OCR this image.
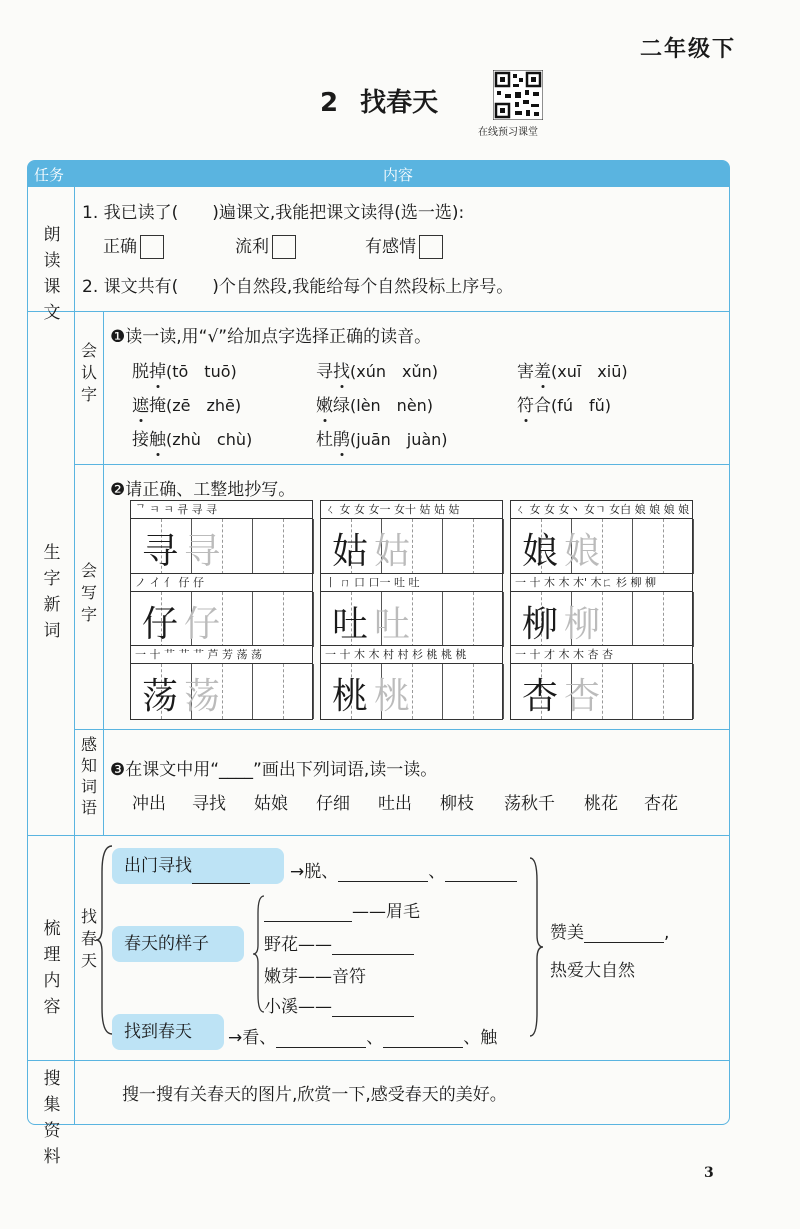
二年级下
2 找春天
在线预习课堂
任务	内容
朗读课文
1. 我已读了(　　)遍课文,我能把课文读得(选一选):
正确	流利	有感情
2. 课文共有(　　)个自然段,我能给每个自然段标上序号。
生字新词
会认字
❶读一读,用“√”给加点字选择正确的读音。
脱掉(tō　tuō)	寻找(xún　xǔn)	害羞(xuī　xiū)
遮掩(zē　zhē)	嫩绿(lèn　nèn)	符合(fú　fǔ)
接触(zhù　chù)	杜鹃(juān　juàn)
会写字
❷请正确、工整地抄写。
ᄀ ㅋ ㅋ 큐 寻 寻
寻 寻
ㄑ 女 女 女一 女十 姑 姑 姑
姑 姑
ㄑ 女 女 女丶 女ㄱ 女白 娘 娘 娘 娘
娘 娘
ノ イ 亻 仔 仔
仔 仔
丨 ㄇ 口 口一 吐 吐
吐 吐
一 十 木 木 木' 木ㄈ 杉 柳 柳
柳 柳
一 十 艹 艹 艹 芦 芳 荡 荡
荡 荡
一 十 木 木 村 村 杉 桃 桃 桃
桃 桃
一 十 才 木 木 杏 杏
杏 杏
感知词语
❸在课文中用“____”画出下列词语,读一读。
冲出 寻找 姑娘 仔细 吐出 柳枝 荡秋千 桃花 杏花
梳理内容
找春天
出门寻找	→脱、	、
春天的样子
——眉毛
野花——
嫩芽——音符
小溪——
找到春天	→看、	、	、触
赞美	,
热爱大自然
搜集资料
搜一搜有关春天的图片,欣赏一下,感受春天的美好。
3
